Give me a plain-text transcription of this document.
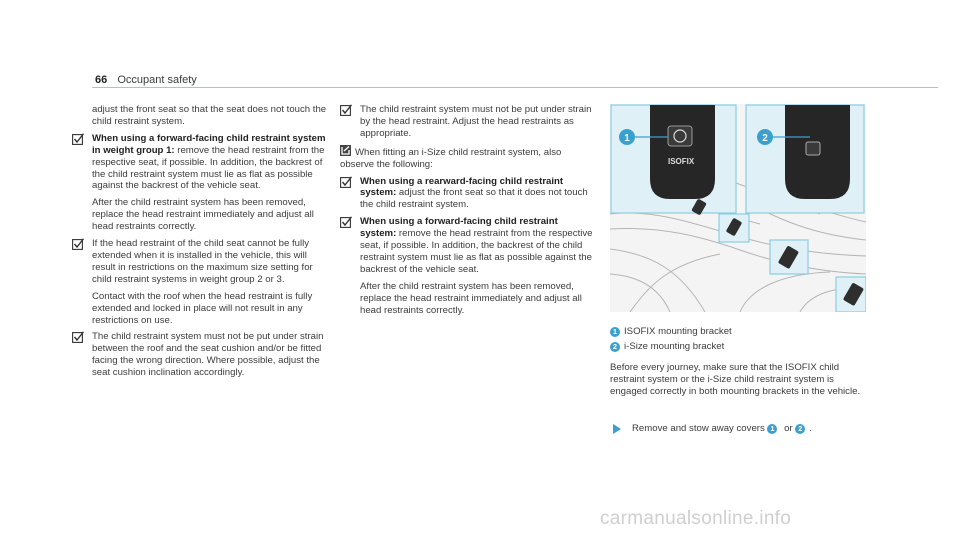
66 Occupant safety

adjust the front seat so that the seat does not touch the child restraint system.

When using a forward-facing child restraint system in weight group 1: remove the head restraint from the respective seat, if possible. In addition, the backrest of the child restraint system must lie as flat as possible against the backrest of the vehicle seat.

After the child restraint system has been removed, replace the head restraint immediately and adjust all head restraints correctly.

If the head restraint of the child seat cannot be fully extended when it is installed in the vehicle, this will result in restrictions on the maximum size setting for child restraint systems in weight group 2 or 3.

Contact with the roof when the head restraint is fully extended and locked in place will not result in any restrictions on use.

The child restraint system must not be put under strain between the roof and the seat cushion and/or be fitted facing the wrong direction. Where possible, adjust the seat cushion inclination accordingly.
The child restraint system must not be put under strain by the head restraint. Adjust the head restraints as appropriate.

When fitting an i-Size child restraint system, also observe the following:

When using a rearward-facing child restraint system: adjust the front seat so that it does not touch the child restraint system.
When using a forward-facing child restraint system: remove the head restraint from the respective seat, if possible. In addition, the backrest of the child restraint system must lie as flat as possible against the backrest of the vehicle seat.

After the child restraint system has been removed, replace the head restraint immediately and adjust all head restraints correctly.

ISOFIX
1	2
1 ISOFIX mounting bracket
2 i-Size mounting bracket
Before every journey, make sure that the ISOFIX child restraint system or the i-Size child restraint system is engaged correctly in both mounting brackets in the vehicle.
Remove and stow away covers 1 or 2 .
carmanualsonline.info
